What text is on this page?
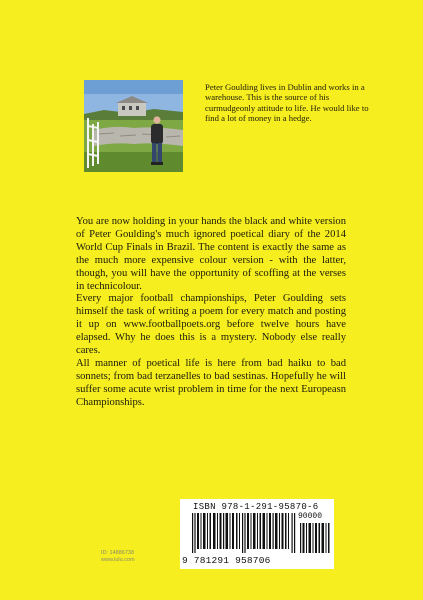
Peter Goulding lives in Dublin and works in a warehouse. This is the source of his curmudgeonly attitude to life. He would like to find a lot of money in a hedge.

You are now holding in your hands the black and white version of Peter Goulding's much ignored poetical diary of the 2014 World Cup Finals in Brazil. The content is exactly the same as the much more expensive colour version - with the latter, though, you will have the opportunity of scoffing at the verses in technicolour.

Every major football championships, Peter Goulding sets himself the task of writing a poem for every match and posting it up on www.footballpoets.org before twelve hours have elapsed. Why he does this is a mystery. Nobody else really cares.

All manner of poetical life is here from bad haiku to bad sonnets; from bad terzanelles to bad sestinas. Hopefully he will suffer some acute wrist problem in time for the next Europeasn Championships.

ISBN 978-1-291-95870-6
90000
9 781291 958706
ID: 14886738
www.lulu.com
